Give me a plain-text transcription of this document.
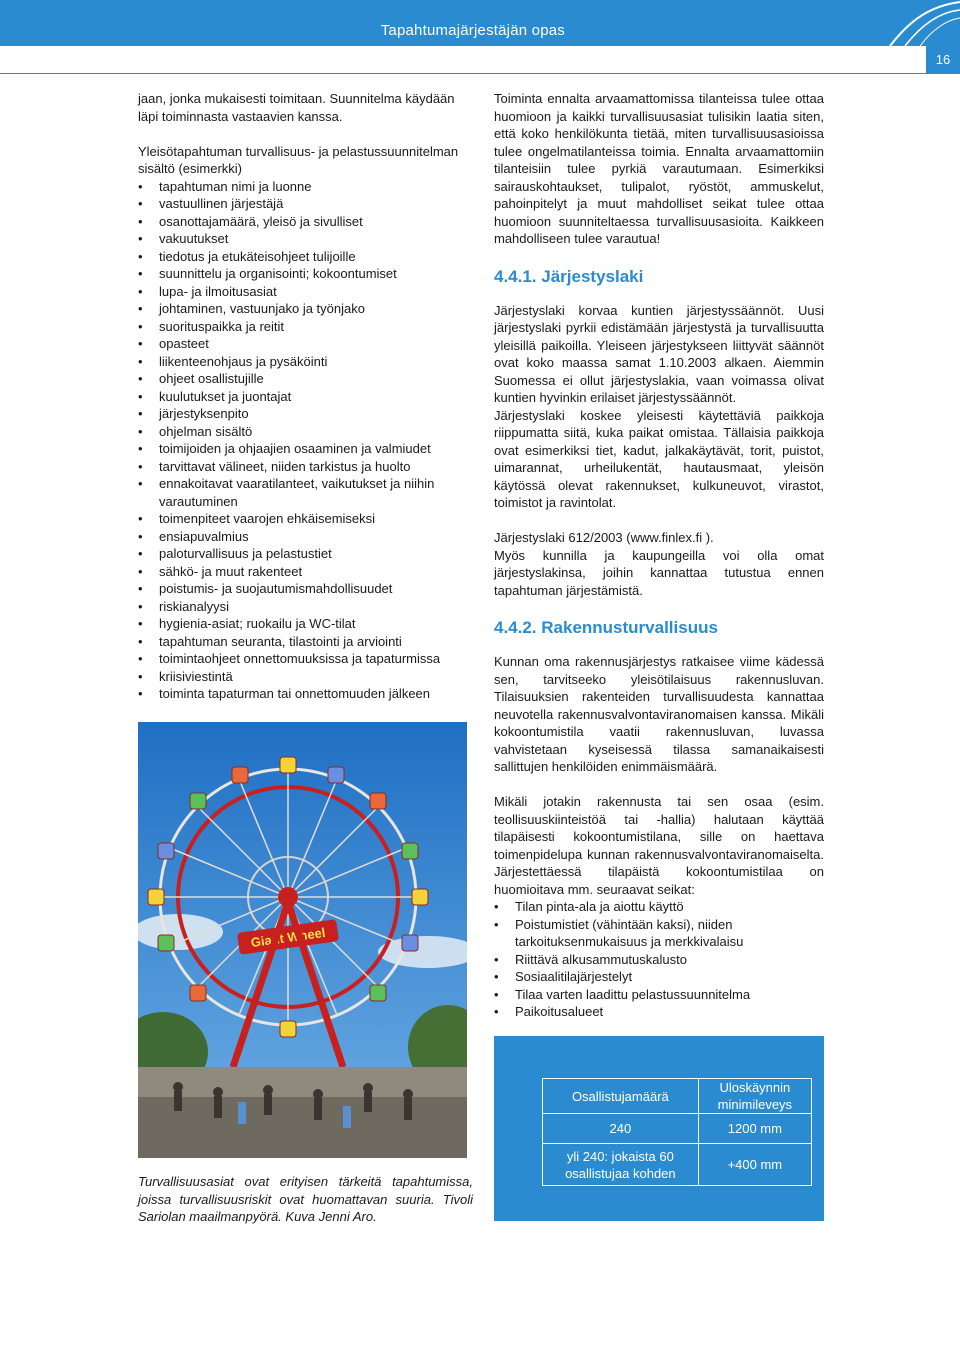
Tapahtumajärjestäjän opas
16

jaan, jonka mukaisesti toimitaan. Suunnitelma käydään läpi toiminnasta vastaavien kanssa.

Yleisötapahtuman turvallisuus- ja pelastussuunnitelman sisältö (esimerkki)

• tapahtuman nimi ja luonne
• vastuullinen järjestäjä
• osanottajamäärä, yleisö ja sivulliset
• vakuutukset
• tiedotus ja etukäteisohjeet tulijoille
• suunnittelu ja organisointi; kokoontumiset
• lupa- ja ilmoitusasiat
• johtaminen, vastuunjako ja työnjako
• suorituspaikka ja reitit
• opasteet
• liikenteenohjaus ja pysäköinti
• ohjeet osallistujille
• kuulutukset ja juontajat
• järjestyksenpito
• ohjelman sisältö
• toimijoiden ja ohjaajien osaaminen ja valmiudet
• tarvittavat välineet, niiden tarkistus ja huolto
• ennakoitavat vaaratilanteet, vaikutukset ja niihin varautuminen
• toimenpiteet vaarojen ehkäisemiseksi
• ensiapuvalmius
• paloturvallisuus ja pelastustiet
• sähkö- ja muut rakenteet
• poistumis- ja suojautumismahdollisuudet
• riskianalyysi
• hygienia-asiat; ruokailu ja WC-tilat
• tapahtuman seuranta, tilastointi ja arviointi
• toimintaohjeet onnettomuuksissa ja tapaturmissa
• kriisiviestintä
• toiminta tapaturman tai onnettomuuden jälkeen
Giant Wheel
Turvallisuusasiat ovat erityisen tärkeitä tapahtumissa, joissa turvallisuusriskit ovat huomattavan suuria. Tivoli Sariolan maailmanpyörä. Kuva Jenni Aro.

Toiminta ennalta arvaamattomissa tilanteissa tulee ottaa huomioon ja kaikki turvallisuusasiat tulisikin laatia siten, että koko henkilökunta tietää, miten turvallisuusasioissa tulee ongelmatilanteissa toimia. Ennalta arvaamattomiin tilanteisiin tulee pyrkiä varautumaan. Esimerkiksi sairauskohtaukset, tulipalot, ryöstöt, ammuskelut, pahoinpitelyt ja muut mahdolliset seikat tulee ottaa huomioon suunniteltaessa turvallisuusasioita. Kaikkeen mahdolliseen tulee varautua!

4.4.1. Järjestyslaki

Järjestyslaki korvaa kuntien järjestyssäännöt. Uusi järjestyslaki pyrkii edistämään järjestystä ja turvallisuutta yleisillä paikoilla. Yleiseen järjestykseen liittyvät säännöt ovat koko maassa samat 1.10.2003 alkaen. Aiemmin Suomessa ei ollut järjestyslakia, vaan voimassa olivat kuntien hyvinkin erilaiset järjestyssäännöt.

Järjestyslaki koskee yleisesti käytettäviä paikkoja riippumatta siitä, kuka paikat omistaa. Tällaisia paikkoja ovat esimerkiksi tiet, kadut, jalkakäytävät, torit, puistot, uimarannat, urheilukentät, hautausmaat, yleisön käytössä olevat rakennukset, kulkuneuvot, virastot, toimistot ja ravintolat.

Järjestyslaki 612/2003 (www.finlex.fi ).

Myös kunnilla ja kaupungeilla voi olla omat järjestyslakinsa, joihin kannattaa tutustua ennen tapahtuman järjestämistä.

4.4.2. Rakennusturvallisuus

Kunnan oma rakennusjärjestys ratkaisee viime kädessä sen, tarvitseeko yleisötilaisuus rakennusluvan. Tilaisuuksien rakenteiden turvallisuudesta kannattaa neuvotella rakennusvalvontaviranomaisen kanssa. Mikäli kokoontumistila vaatii rakennusluvan, luvassa vahvistetaan kyseisessä tilassa samanaikaisesti sallittujen henkilöiden enimmäismäärä.

Mikäli jotakin rakennusta tai sen osaa (esim. teollisuuskiinteistöä tai -hallia) halutaan käyttää tilapäisesti kokoontumistilana, sille on haettava toimenpidelupa kunnan rakennusvalvontaviranomaiselta. Järjestettäessä tilapäistä kokoontumistilaa on huomioitava mm. seuraavat seikat:

• Tilan pinta-ala ja aiottu käyttö
• Poistumistiet (vähintään kaksi), niiden tarkoituksenmukaisuus ja merkkivalaisu
• Riittävä alkusammutuskalusto
• Sosiaalitilajärjestelyt
• Tilaa varten laadittu pelastussuunnitelma
• Paikoitusalueet
Osallistujamäärä	Uloskäynnin minimileveys
240	1200 mm
yli 240: jokaista 60 osallistujaa kohden	+400 mm
